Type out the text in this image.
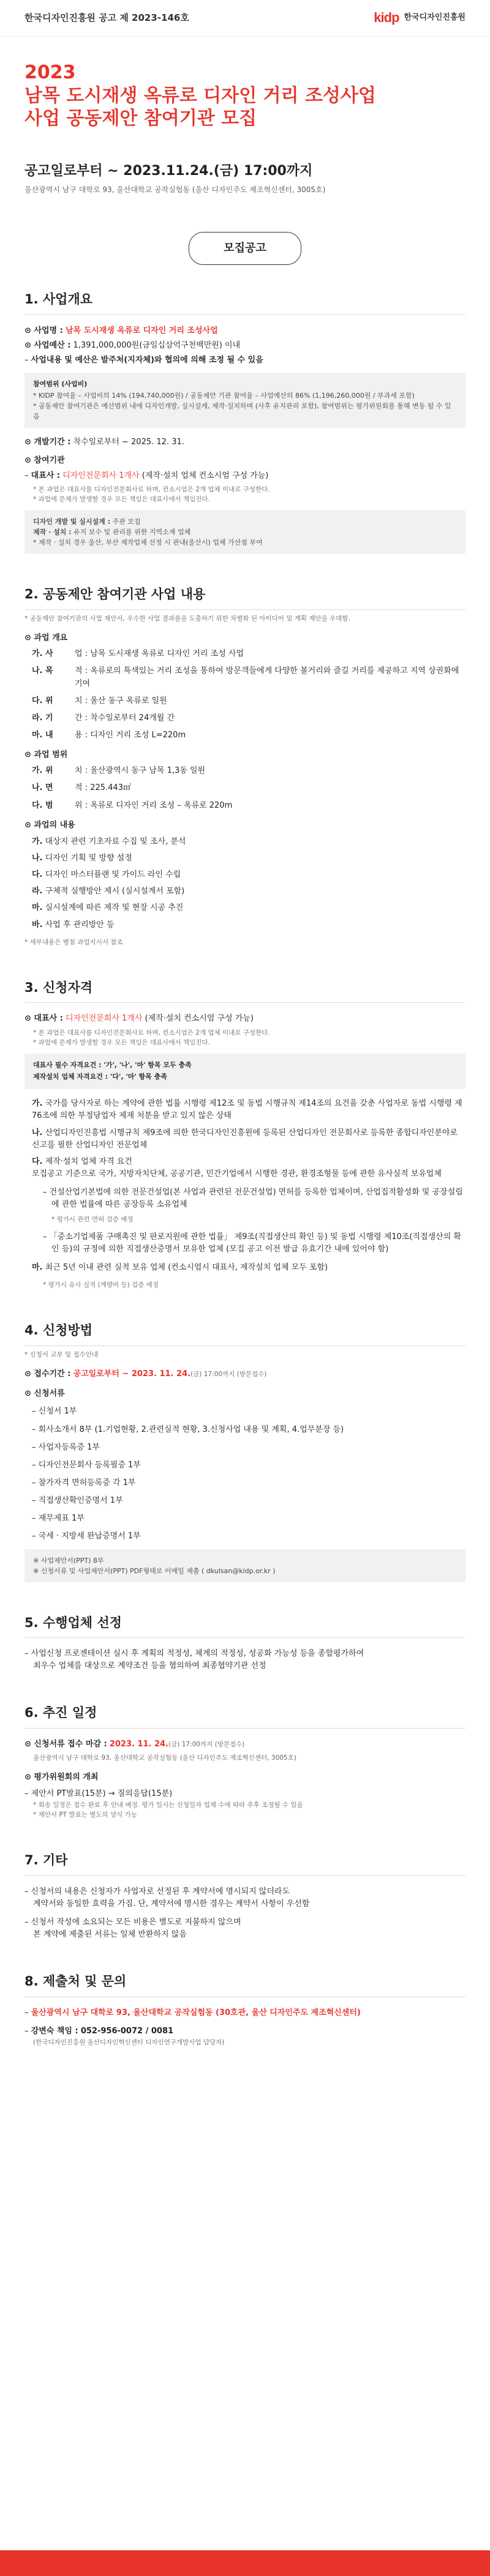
한국디자인진흥원 공고 제 2023-146호	kidp 한국디자인진흥원
2023
남목 도시재생 옥류로 디자인 거리 조성사업
사업 공동제안 참여기관 모집
공고일로부터 ~ 2023.11.24.(금) 17:00까지
울산광역시 남구 대학로 93, 울산대학교 공작실험동 (울산 디자인주도 제조혁신센터, 3005호)
모집공고
1. 사업개요
⊙ 사업명 : 남목 도시재생 옥류로 디자인 거리 조성사업
⊙ 사업예산 : 1,391,000,000원(금일십삼억구천백만원) 이내
– 사업내용 및 예산은 발주처(지자체)와 협의에 의해 조정 될 수 있음
참여범위 (사업비)
* KIDP 참여율 – 사업비의 14% (194,740,000원) / 공동제안 기관 참여율 – 사업예산의 86% (1,196,260,000원 / 부과세 포함)
* 공동제안 참여기관은 예산범위 내에 디자인개발, 실시설계, 제작·설치하며 (사후 유지관리 포함), 참여범위는 평가위원회를 통해 변동 될 수 있음
⊙ 개발기간 : 착수일로부터 ~ 2025. 12. 31.
⊙ 참여기관
– 대표사 : 디자인전문회사 1개사 (제작·설치 업체 컨소시엄 구성 가능)
* 본 과업은 대표사를 디자인전문회사로 하며, 컨소시엄은 2개 업체 이내로 구성한다.
* 과업에 문제가 발생할 경우 모든 책임은 대표사에서 책임진다.
디자인 개발 및 실시설계 : 주관 모집
제작 · 설치 : 유지 보수 및 관리를 위한 지역소재 업체
* 제작 · 설치 경우 울산, 부산 제작업체 선정 시 관내(울산시) 업체 가산점 부여
2. 공동제안 참여기관 사업 내용
* 공동제안 참여기관의 사업 제안서, 우수한 사업 결과물을 도출하기 위한 차별화 된 아이디어 및 계획 제안을 우대함.
⊙ 과업 개요
가. 사	업 : 남목 도시재생 옥류로 디자인 거리 조성 사업
나. 목	적 : 옥류로의 특색있는 거리 조성을 통하여 방문객들에게 다양한 볼거리와 즐길 거리를 제공하고 지역 상권화에 기여
다. 위	치 : 울산 동구 옥류로 일원
라. 기	간 : 착수일로부터 24개월 간
마. 내	용 : 디자인 거리 조성 L=220m
⊙ 과업 범위
가. 위	치 : 울산광역시 동구 남목 1,3동 일원
나. 면	적 : 225.443㎡
다. 범	위 : 옥류로 디자인 거리 조성 – 옥류로 220m
⊙ 과업의 내용
가. 대상지 관련 기초자료 수집 및 조사, 분석
나. 디자인 기획 및 방향 설정
다. 디자인 마스터플랜 및 가이드 라인 수립
라. 구체적 실행방안 제시 (실시설계서 포함)
마. 실시설계에 따른 제작 및 현장 시공 추진
바. 사업 후 관리방안 등
* 세부내용은 별첨 과업지시서 참조
3. 신청자격
⊙ 대표사 : 디자인전문회사 1개사 (제작·설치 컨소시엄 구성 가능)
* 본 과업은 대표사를 디자인전문회사로 하며, 컨소시엄은 2개 업체 이내로 구성한다.
* 과업에 문제가 발생할 경우 모든 책임은 대표사에서 책임진다.
대표사 필수 자격요건 : '가', '나', '마' 항목 모두 충족
제작설치 업체 자격요건 : '다', '마' 항목 충족
가. 국가를 당사자로 하는 계약에 관한 법률 시행령 제12조 및 동법 시행규칙 제14조의 요건을 갖춘 사업자로 동법 시행령 제76조에 의한 부정당업자 제재 처분을 받고 있지 않은 상태
나. 산업디자인진흥법 시행규칙 제9조에 의한 한국디자인진흥원에 등록된 산업디자인 전문회사로 등록한 종합디자인분야로 신고를 필한 산업디자인 전문업체
다. 제작·설치 업체 자격 요건
모집공고 기준으로 국가, 지방자치단체, 공공기관, 민간기업에서 시행한 경관, 환경조형물 등에 관한 유사실적 보유업체
– 건설산업기본법에 의한 전문건설업(본 사업과 관련된 전문건설업) 면허를 등록한 업체이며, 산업집적활성화 및 공장설립에 관한 법률에 따른 공장등록 소유업체
* 평가시 관련 면허 검증 예정
– 「중소기업제품 구매촉진 및 판로지원에 관한 법률」 제9조(직접생산의 확인 등) 및 동법 시행령 제10조(직접생산의 확인 등)의 규정에 의한 직접생산증명서 보유한 업체 (모집 공고 이전 발급 유효기간 내에 있어야 함)
마. 최근 5년 이내 관련 실적 보유 업체 (컨소시엄시 대표사, 제작설치 업체 모두 포함)
* 평가시 유사 실적 (계량비 등) 검증 예정
4. 신청방법
* 신청서 교부 및 접수안내
⊙ 접수기간 : 공고일로부터 ~ 2023. 11. 24.(금) 17:00까지 (방문접수)
⊙ 신청서류
– 신청서 1부
– 회사소개서 8부 (1.기업현황, 2.관련실적 현황, 3.신청사업 내용 및 계획, 4.업무분장 등)
– 사업자등록증 1부
– 디자인전문회사 등록필증 1부
– 참가자격 면허등록증 각 1부
– 직접생산확인증명서 1부
– 재무제표 1부
– 국세 · 지방세 완납증명서 1부
※ 사업제안서(PPT) 8부
※ 신청서류 및 사업제안서(PPT) PDF형태로 이메일 제출 ( dkulsan@kidp.or.kr )
5. 수행업체 선정
– 사업신청 프로젠테이션 실시 후 계획의 적정성, 체계의 적정성, 성공화 가능성 등을 종합평가하여
최우수 업체를 대상으로 계약조건 등을 협의하여 최종협약기관 선정
6. 추진 일정
⊙ 신청서류 접수 마감 : 2023. 11. 24.(금) 17:00까지 (방문접수)
울산광역시 남구 대학로 93, 울산대학교 공작실험동 (울산 디자인주도 제조혁신센터, 3005호)
⊙ 평가위원회의 개최
– 제안서 PT발표(15분) → 질의응답(15분)
* 회송 일정은 접수 완료 후 안내 예정. 평가 일시는 신청일자 업체 수에 따라 추후 조정될 수 있음
* 제안서 PT 발표는 별도의 양식 가능
7. 기타
– 신청서의 내용은 신청자가 사업자로 선정된 후 계약서에 명시되지 않더라도
계약서와 동일한 효력을 가짐. 단, 계약서에 명시한 경우는 계약서 사항이 우선함
– 신청서 작성에 소요되는 모든 비용은 별도로 지불하지 않으며
본 계약에 제출된 서류는 일체 반환하지 않음
8. 제출처 및 문의
– 울산광역시 남구 대학로 93, 울산대학교 공작실험동 (30호관, 울산 디자인주도 제조혁신센터)
– 강변숙 책임 : 052-956-0072 / 0081
(한국디자인진흥원 울산디자인혁신센터 디자인연구개발사업 담당자)
